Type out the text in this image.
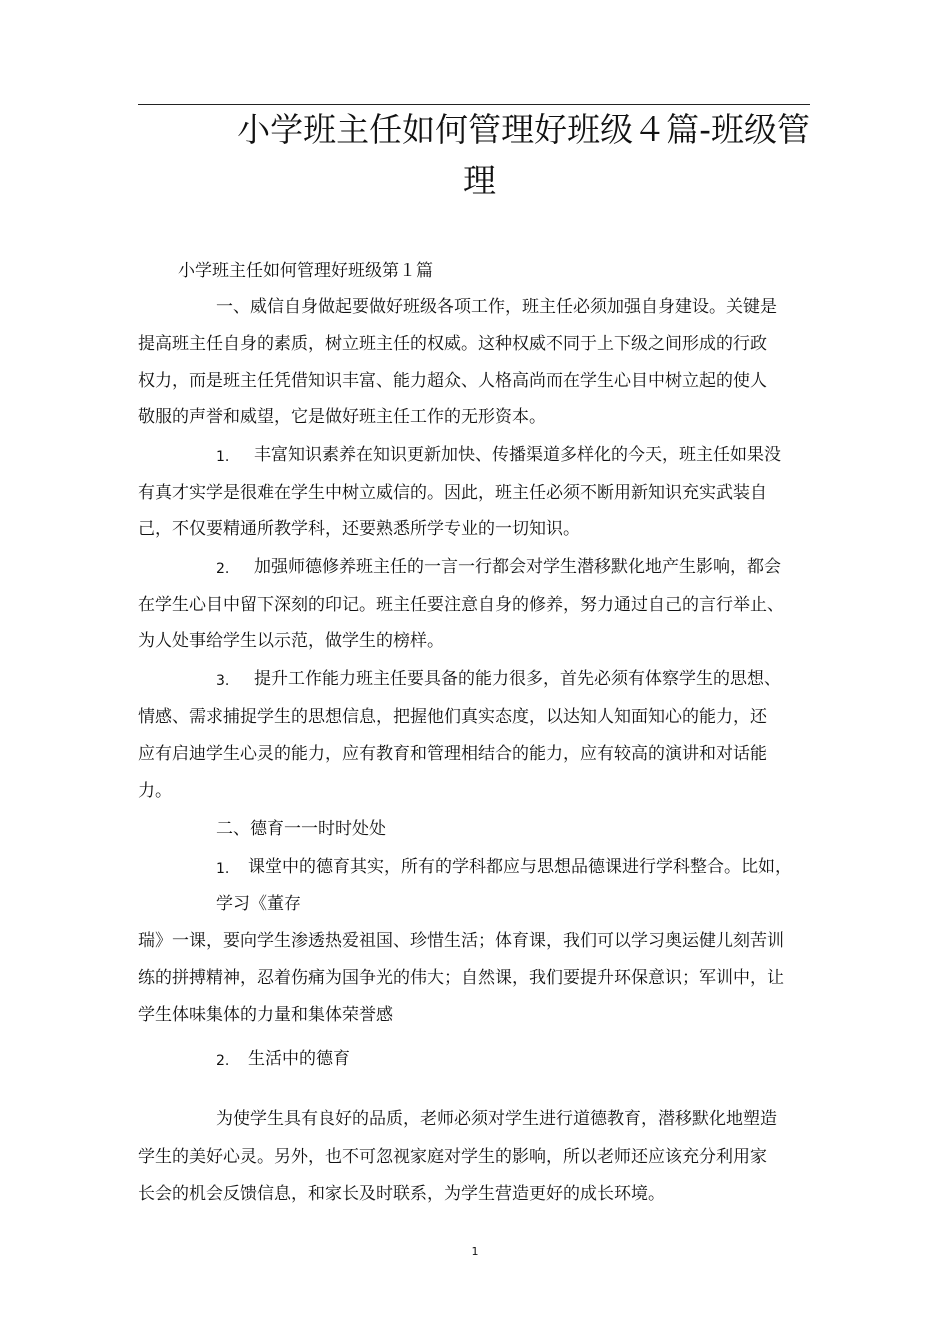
小学班主任如何管理好班级４篇-班级管
理
小学班主任如何管理好班级第１篇
一、威信自身做起要做好班级各项工作，班主任必须加强自身建设。关键是
提高班主任自身的素质，树立班主任的权威。这种权威不同于上下级之间形成的行政
权力，而是班主任凭借知识丰富、能力超众、人格高尚而在学生心目中树立起的使人
敬服的声誉和威望，它是做好班主任工作的无形资本。
1. 丰富知识素养在知识更新加快、传播渠道多样化的今天，班主任如果没
有真才实学是很难在学生中树立威信的。因此，班主任必须不断用新知识充实武装自
己，不仅要精通所教学科，还要熟悉所学专业的一切知识。
2. 加强师德修养班主任的一言一行都会对学生潜移默化地产生影响，都会
在学生心目中留下深刻的印记。班主任要注意自身的修养，努力通过自己的言行举止、
为人处事给学生以示范，做学生的榜样。
3. 提升工作能力班主任要具备的能力很多，首先必须有体察学生的思想、
情感、需求捕捉学生的思想信息，把握他们真实态度，以达知人知面知心的能力，还
应有启迪学生心灵的能力，应有教育和管理相结合的能力，应有较高的演讲和对话能
力。
二、德育一一时时处处
1. 课堂中的德育其实，所有的学科都应与思想品德课进行学科整合。比如，
学习《董存
瑞》一课，要向学生渗透热爱祖国、珍惜生活；体育课，我们可以学习奥运健儿刻苦训
练的拼搏精神，忍着伤痛为国争光的伟大；自然课，我们要提升环保意识；军训中，让
学生体味集体的力量和集体荣誉感
2. 生活中的德育
为使学生具有良好的品质，老师必须对学生进行道德教育，潜移默化地塑造
学生的美好心灵。另外，也不可忽视家庭对学生的影响，所以老师还应该充分利用家
长会的机会反馈信息，和家长及时联系，为学生营造更好的成长环境。
1
